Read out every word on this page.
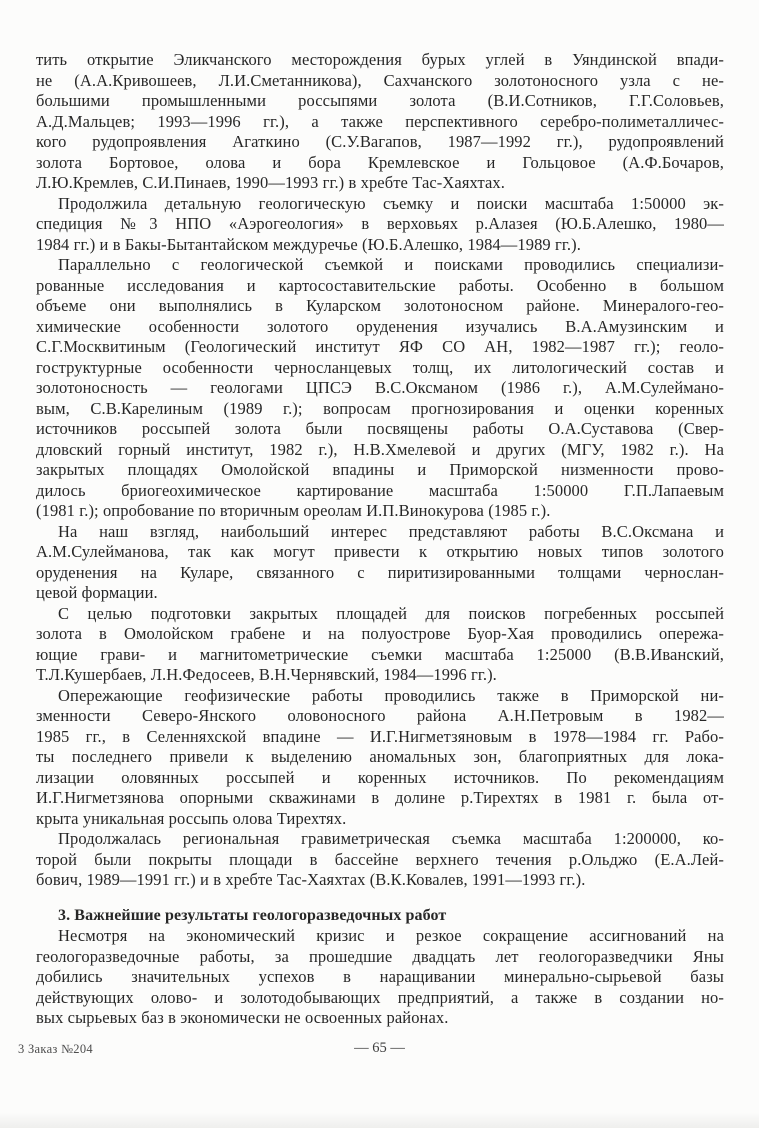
тить открытие Эликчанского месторождения бурых углей в Уяндинской впади-
не (А.А.Кривошеев, Л.И.Сметанникова), Сахчанского золотоносного узла с не-
большими промышленными россыпями золота (В.И.Сотников, Г.Г.Соловьев,
А.Д.Мальцев; 1993—1996 гг.), а также перспективного серебро-полиметалличес-
кого рудопроявления Агаткино (С.У.Вагапов, 1987—1992 гг.), рудопроявлений
золота Бортовое, олова и бора Кремлевское и Гольцовое (А.Ф.Бочаров,
Л.Ю.Кремлев, С.И.Пинаев, 1990—1993 гг.) в хребте Тас-Хаяхтах.
Продолжила детальную геологическую съемку и поиски масштаба 1:50000 эк-
спедиция №3 НПО «Аэрогеология» в верховьях р.Алазея (Ю.Б.Алешко, 1980—
1984 гг.) и в Бакы-Бытантайском междуречье (Ю.Б.Алешко, 1984—1989 гг.).
Параллельно с геологической съемкой и поисками проводились специализи-
рованные исследования и картосоставительские работы. Особенно в большом
объеме они выполнялись в Куларском золотоносном районе. Минералого-гео-
химические особенности золотого оруденения изучались В.А.Амузинским и
С.Г.Москвитиным (Геологический институт ЯФ СО АН, 1982—1987 гг.); геоло-
гоструктурные особенности черносланцевых толщ, их литологический состав и
золотоносность — геологами ЦПСЭ В.С.Оксманом (1986 г.), А.М.Сулеймано-
вым, С.В.Карелиным (1989 г.); вопросам прогнозирования и оценки коренных
источников россыпей золота были посвящены работы О.А.Суставова (Свер-
дловский горный институт, 1982 г.), Н.В.Хмелевой и других (МГУ, 1982 г.). На
закрытых площадях Омолойской впадины и Приморской низменности прово-
дилось бриогеохимическое картирование масштаба 1:50000 Г.П.Лапаевым
(1981 г.); опробование по вторичным ореолам И.П.Винокурова (1985 г.).
На наш взгляд, наибольший интерес представляют работы В.С.Оксмана и
А.М.Сулейманова, так как могут привести к открытию новых типов золотого
оруденения на Куларе, связанного с пиритизированными толщами чернослан-
цевой формации.
С целью подготовки закрытых площадей для поисков погребенных россыпей
золота в Омолойском грабене и на полуострове Буор-Хая проводились опережа-
ющие грави- и магнитометрические съемки масштаба 1:25000 (В.В.Иванский,
Т.Л.Кушербаев, Л.Н.Федосеев, В.Н.Чернявский, 1984—1996 гг.).
Опережающие геофизические работы проводились также в Приморской ни-
зменности Северо-Янского оловоносного района А.Н.Петровым в 1982—
1985 гг., в Селенняхской впадине — И.Г.Нигметзяновым в 1978—1984 гг. Рабо-
ты последнего привели к выделению аномальных зон, благоприятных для лока-
лизации оловянных россыпей и коренных источников. По рекомендациям
И.Г.Нигметзянова опорными скважинами в долине р.Тирехтях в 1981 г. была от-
крыта уникальная россыпь олова Тирехтях.
Продолжалась региональная гравиметрическая съемка масштаба 1:200000, ко-
торой были покрыты площади в бассейне верхнего течения р.Ольджо (Е.А.Лей-
бович, 1989—1991 гг.) и в хребте Тас-Хаяхтах (В.К.Ковалев, 1991—1993 гг.).
3. Важнейшие результаты геологоразведочных работ
Несмотря на экономический кризис и резкое сокращение ассигнований на
геологоразведочные работы, за прошедшие двадцать лет геологоразведчики Яны
добились значительных успехов в наращивании минерально-сырьевой базы
действующих олово- и золотодобывающих предприятий, а также в создании но-
вых сырьевых баз в экономически не освоенных районах.
3 Заказ №204	— 65 —
